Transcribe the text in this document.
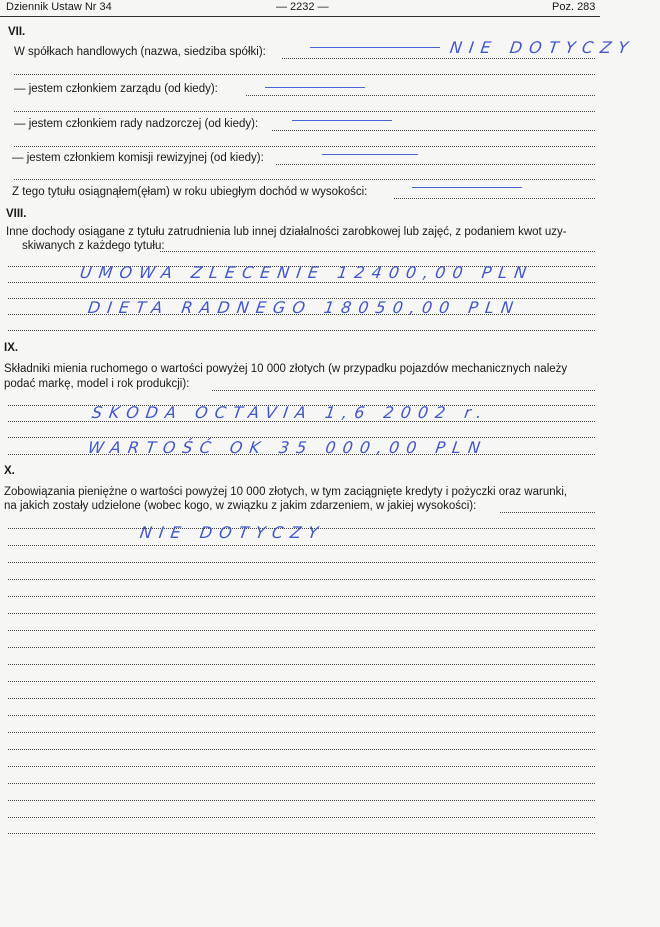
Dziennik Ustaw Nr 34	— 2232 —	Poz. 283
VII.
W spółkach handlowych (nazwa, siedziba spółki):	NIE DOTYCZY
— jestem członkiem zarządu (od kiedy):
— jestem członkiem rady nadzorczej (od kiedy):
— jestem członkiem komisji rewizyjnej (od kiedy):
Z tego tytułu osiągnąłem(ęłam) w roku ubiegłym dochód w wysokości:
VIII.
Inne dochody osiągane z tytułu zatrudnienia lub innej działalności zarobkowej lub zajęć, z podaniem kwot uzy-
skiwanych z każdego tytułu:
UMOWA ZLECENIE 12400,00 PLN
DIETA RADNEGO 18050,00 PLN
IX.
Składniki mienia ruchomego o wartości powyżej 10 000 złotych (w przypadku pojazdów mechanicznych należy
podać markę, model i rok produkcji):
SKODA OCTAVIA 1,6 2002 r.
WARTOŚĆ OK 35 000,00 PLN
X.
Zobowiązania pieniężne o wartości powyżej 10 000 złotych, w tym zaciągnięte kredyty i pożyczki oraz warunki,
na jakich zostały udzielone (wobec kogo, w związku z jakim zdarzeniem, w jakiej wysokości):
NIE DOTYCZY
